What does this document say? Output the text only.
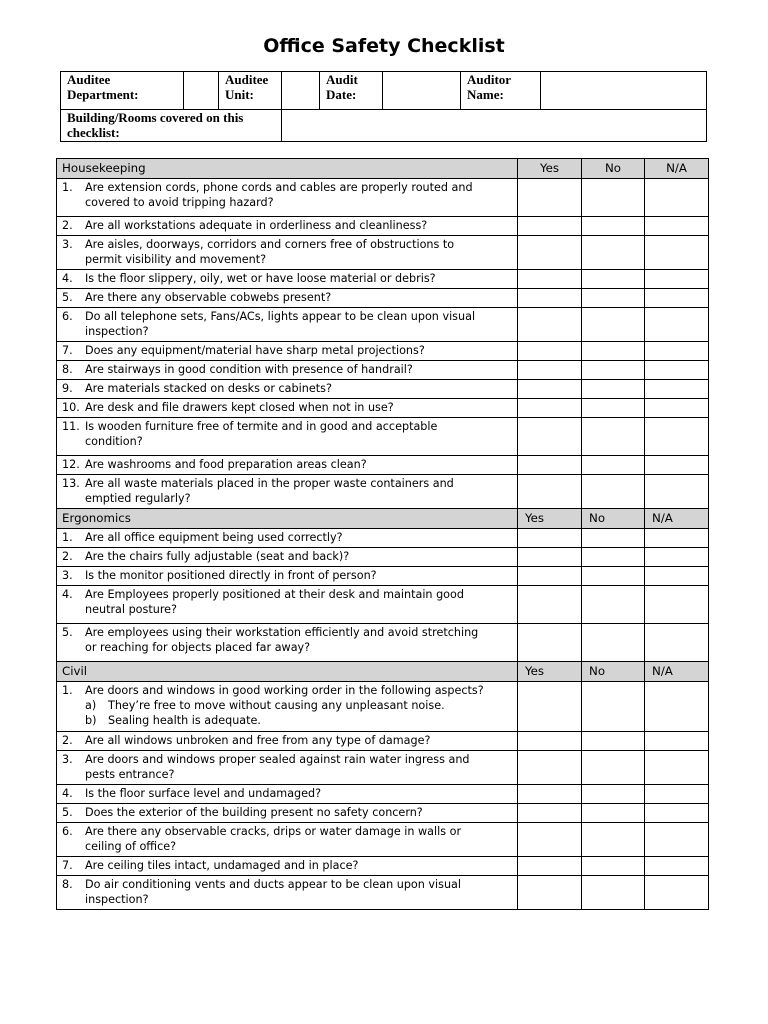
Office Safety Checklist
Auditee Department:		Auditee Unit:		Audit Date:		Auditor Name:	
Building/Rooms covered on this checklist:							
Housekeeping	Yes	No	N/A
1. Are extension cords, phone cords and cables are properly routed and covered to avoid tripping hazard?			
2. Are all workstations adequate in orderliness and cleanliness?			
3. Are aisles, doorways, corridors and corners free of obstructions to permit visibility and movement?			
4. Is the floor slippery, oily, wet or have loose material or debris?			
5. Are there any observable cobwebs present?			
6. Do all telephone sets, Fans/ACs, lights appear to be clean upon visual inspection?			
7. Does any equipment/material have sharp metal projections?			
8. Are stairways in good condition with presence of handrail?			
9. Are materials stacked on desks or cabinets?			
10. Are desk and file drawers kept closed when not in use?			
11. Is wooden furniture free of termite and in good and acceptable condition?			
12. Are washrooms and food preparation areas clean?			
13. Are all waste materials placed in the proper waste containers and emptied regularly?			
Ergonomics	Yes	No	N/A
1. Are all office equipment being used correctly?			
2. Are the chairs fully adjustable (seat and back)?			
3. Is the monitor positioned directly in front of person?			
4. Are Employees properly positioned at their desk and maintain good neutral posture?			
5. Are employees using their workstation efficiently and avoid stretching or reaching for objects placed far away?			
Civil	Yes	No	N/A
1. Are doors and windows in good working order in the following aspects?
a) They’re free to move without causing any unpleasant noise.
b) Sealing health is adequate.			

2. Are all windows unbroken and free from any type of damage?			
3. Are doors and windows proper sealed against rain water ingress and pests entrance?			
4. Is the floor surface level and undamaged?			
5. Does the exterior of the building present no safety concern?			
6. Are there any observable cracks, drips or water damage in walls or ceiling of office?			
7. Are ceiling tiles intact, undamaged and in place?			
8. Do air conditioning vents and ducts appear to be clean upon visual inspection?			
